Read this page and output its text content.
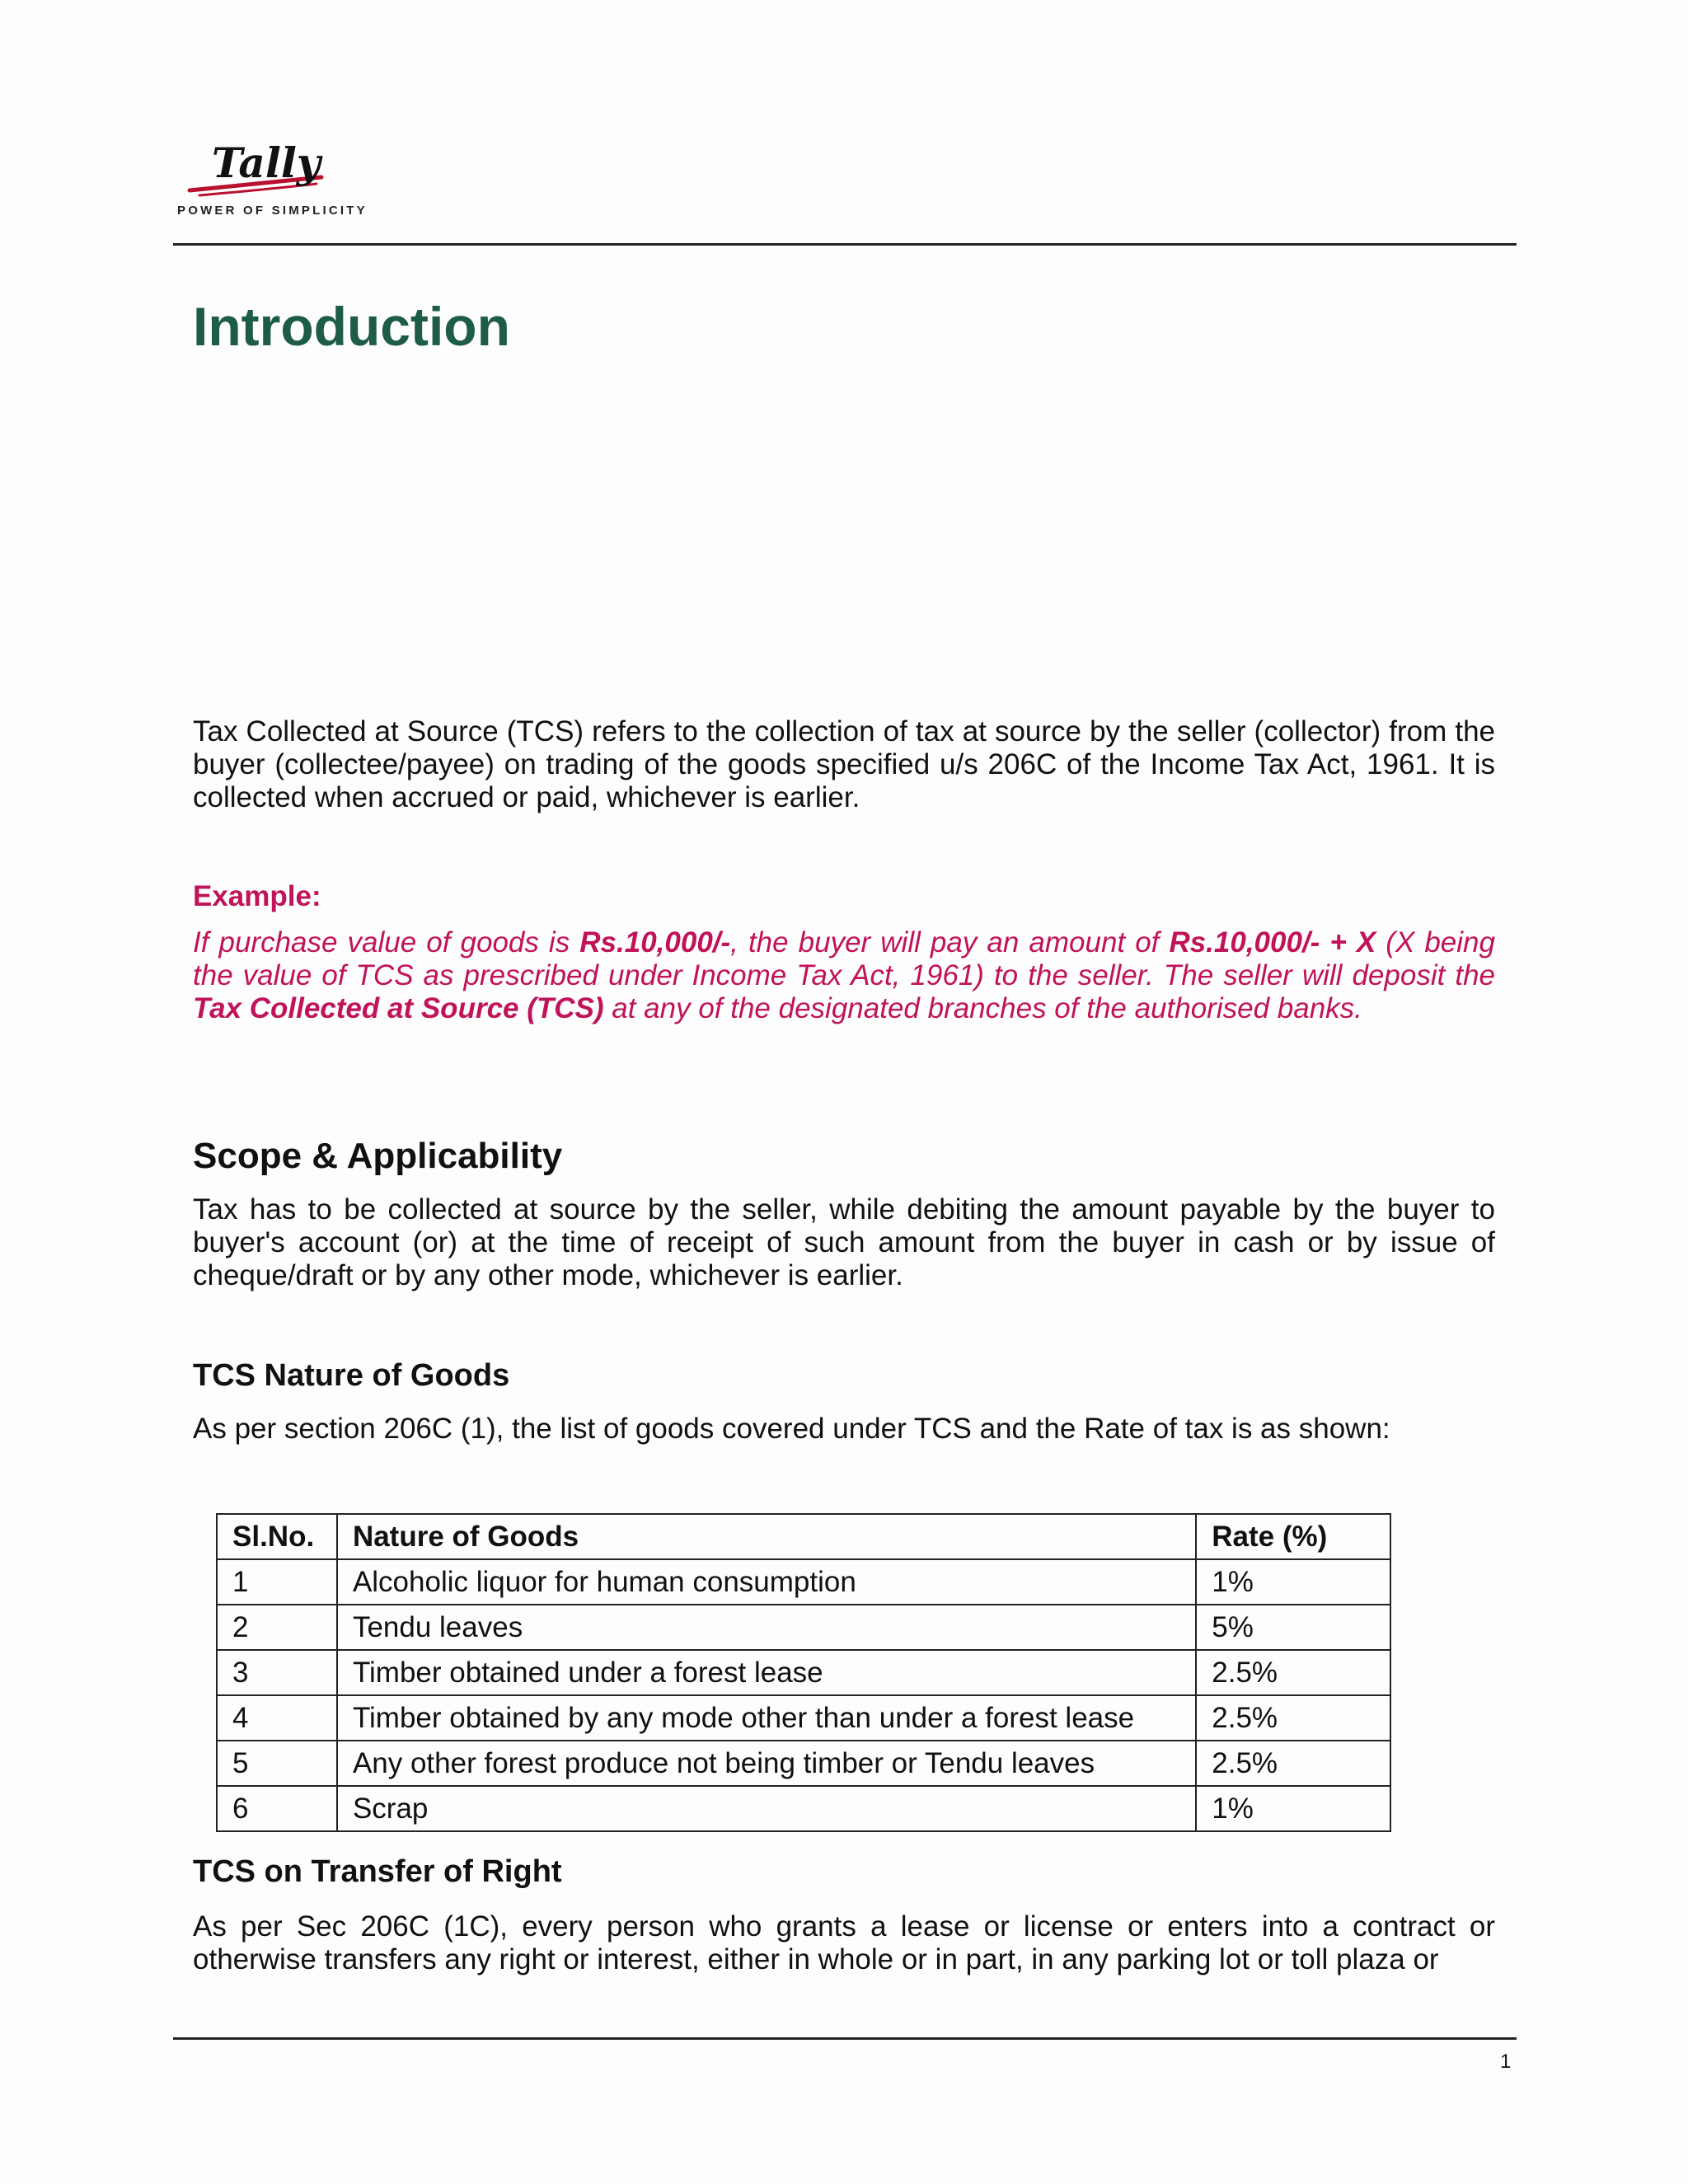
Tally
POWER OF SIMPLICITY
Introduction

Tax Collected at Source (TCS) refers to the collection of tax at source by the seller (collector) from the buyer (collectee/payee) on trading of the goods specified u/s 206C of the Income Tax Act, 1961. It is collected when accrued or paid, whichever is earlier.

Example:

If purchase value of goods is Rs.10,000/-, the buyer will pay an amount of Rs.10,000/- + X (X being the value of TCS as prescribed under Income Tax Act, 1961) to the seller. The seller will deposit the Tax Collected at Source (TCS) at any of the designated branches of the authorised banks.

Scope & Applicability

Tax has to be collected at source by the seller, while debiting the amount payable by the buyer to buyer's account (or) at the time of receipt of such amount from the buyer in cash or by issue of cheque/draft or by any other mode, whichever is earlier.

TCS Nature of Goods

As per section 206C (1), the list of goods covered under TCS and the Rate of tax is as shown:

Sl.No.	Nature of Goods	Rate (%)
1	Alcoholic liquor for human consumption	1%
2	Tendu leaves	5%
3	Timber obtained under a forest lease	2.5%
4	Timber obtained by any mode other than under a forest lease	2.5%
5	Any other forest produce not being timber or Tendu leaves	2.5%
6	Scrap	1%
TCS on Transfer of Right

As per Sec 206C (1C), every person who grants a lease or license or enters into a contract or otherwise transfers any right or interest, either in whole or in part, in any parking lot or toll plaza or

1
